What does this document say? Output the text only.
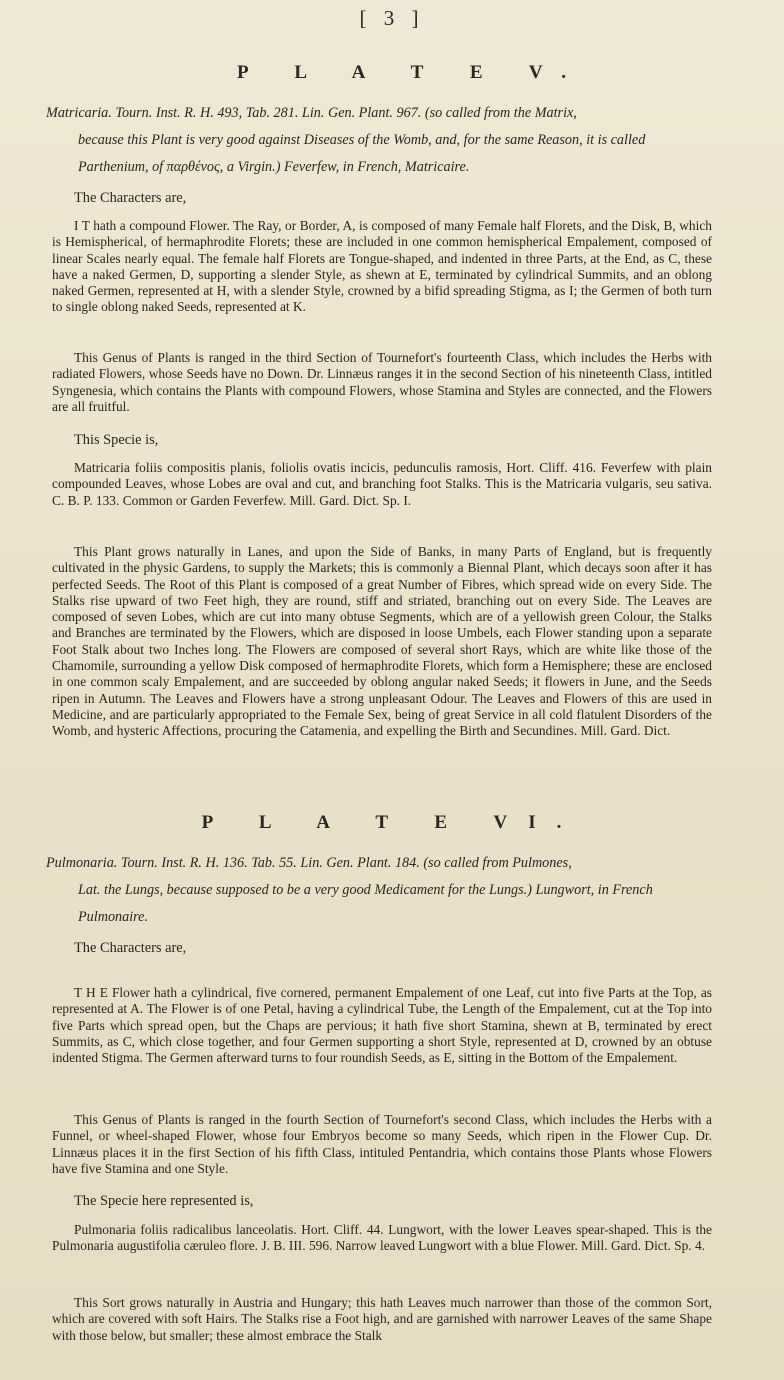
[ 3 ]
P L A T E V.

Matricaria. Tourn. Inst. R. H. 493, Tab. 281. Lin. Gen. Plant. 967. (so called from the Matrix,
because this Plant is very good against Diseases of the Womb, and, for the same Reason, it is called
Parthenium, of παρθένος, a Virgin.) Feverfew, in French, Matricaire.

The Characters are,

I T hath a compound Flower. The Ray, or Border, A, is composed of many Female half Florets, and the Disk, B, which is Hemispherical, of hermaphrodite Florets; these are included in one common hemispherical Empalement, composed of linear Scales nearly equal. The female half Florets are Tongue-shaped, and indented in three Parts, at the End, as C, these have a naked Germen, D, supporting a slender Style, as shewn at E, terminated by cylindrical Summits, and an oblong naked Germen, represented at H, with a slender Style, crowned by a bifid spreading Stigma, as I; the Germen of both turn to single oblong naked Seeds, represented at K.

This Genus of Plants is ranged in the third Section of Tournefort's fourteenth Class, which includes the Herbs with radiated Flowers, whose Seeds have no Down. Dr. Linnæus ranges it in the second Section of his nineteenth Class, intitled Syngenesia, which contains the Plants with compound Flowers, whose Stamina and Styles are connected, and the Flowers are all fruitful.

This Specie is,

Matricaria foliis compositis planis, foliolis ovatis incicis, pedunculis ramosis, Hort. Cliff. 416. Feverfew with plain compounded Leaves, whose Lobes are oval and cut, and branching foot Stalks. This is the Matricaria vulgaris, seu sativa. C. B. P. 133. Common or Garden Feverfew. Mill. Gard. Dict. Sp. I.

This Plant grows naturally in Lanes, and upon the Side of Banks, in many Parts of England, but is frequently cultivated in the physic Gardens, to supply the Markets; this is commonly a Biennal Plant, which decays soon after it has perfected Seeds. The Root of this Plant is composed of a great Number of Fibres, which spread wide on every Side. The Stalks rise upward of two Feet high, they are round, stiff and striated, branching out on every Side. The Leaves are composed of seven Lobes, which are cut into many obtuse Segments, which are of a yellowish green Colour, the Stalks and Branches are terminated by the Flowers, which are disposed in loose Umbels, each Flower standing upon a separate Foot Stalk about two Inches long. The Flowers are composed of several short Rays, which are white like those of the Chamomile, surrounding a yellow Disk composed of hermaphrodite Florets, which form a Hemisphere; these are enclosed in one common scaly Empalement, and are succeeded by oblong angular naked Seeds; it flowers in June, and the Seeds ripen in Autumn. The Leaves and Flowers have a strong unpleasant Odour. The Leaves and Flowers of this are used in Medicine, and are particularly appropriated to the Female Sex, being of great Service in all cold flatulent Disorders of the Womb, and hysteric Affections, procuring the Catamenia, and expelling the Birth and Secundines. Mill. Gard. Dict.

P L A T E VI.

Pulmonaria. Tourn. Inst. R. H. 136. Tab. 55. Lin. Gen. Plant. 184. (so called from Pulmones,
Lat. the Lungs, because supposed to be a very good Medicament for the Lungs.) Lungwort, in French
Pulmonaire.

The Characters are,

T H E Flower hath a cylindrical, five cornered, permanent Empalement of one Leaf, cut into five Parts at the Top, as represented at A. The Flower is of one Petal, having a cylindrical Tube, the Length of the Empalement, cut at the Top into five Parts which spread open, but the Chaps are pervious; it hath five short Stamina, shewn at B, terminated by erect Summits, as C, which close together, and four Germen supporting a short Style, represented at D, crowned by an obtuse indented Stigma. The Germen afterward turns to four roundish Seeds, as E, sitting in the Bottom of the Empalement.

This Genus of Plants is ranged in the fourth Section of Tournefort's second Class, which includes the Herbs with a Funnel, or wheel-shaped Flower, whose four Embryos become so many Seeds, which ripen in the Flower Cup. Dr. Linnæus places it in the first Section of his fifth Class, intituled Pentandria, which contains those Plants whose Flowers have five Stamina and one Style.

The Specie here represented is,

Pulmonaria foliis radicalibus lanceolatis. Hort. Cliff. 44. Lungwort, with the lower Leaves spear-shaped. This is the Pulmonaria augustifolia cæruleo flore. J. B. III. 596. Narrow leaved Lungwort with a blue Flower. Mill. Gard. Dict. Sp. 4.

This Sort grows naturally in Austria and Hungary; this hath Leaves much narrower than those of the common Sort, which are covered with soft Hairs. The Stalks rise a Foot high, and are garnished with narrower Leaves of the same Shape with those below, but smaller; these almost embrace the Stalk
